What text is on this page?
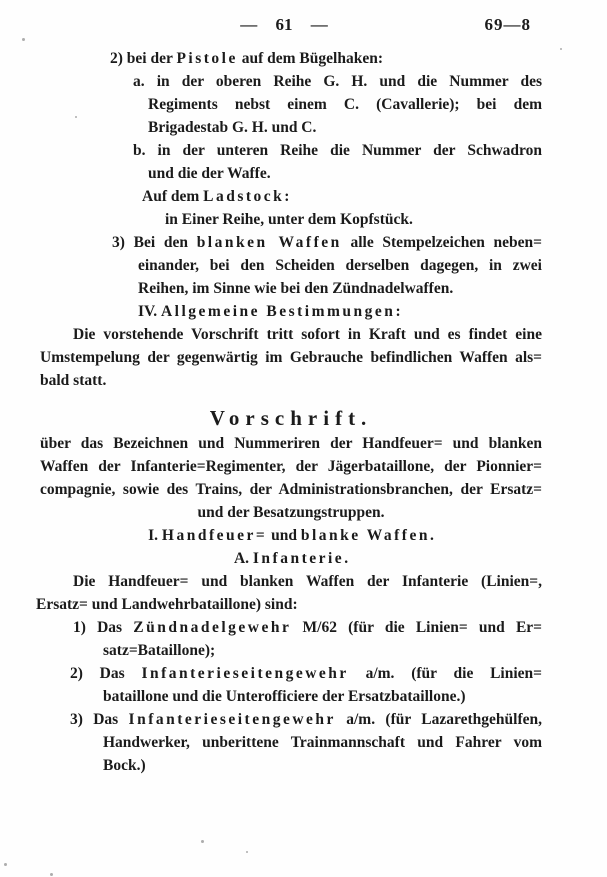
— 61 —	69—8
2) bei der Pistole auf dem Bügelhaken:
a. in der oberen Reihe G. H. und die Nummer des
Regiments nebst einem C. (Cavallerie); bei dem
Brigadestab G. H. und C.
b. in der unteren Reihe die Nummer der Schwadron
und die der Waffe.
Auf dem Ladstock:
in Einer Reihe, unter dem Kopfstück.
3) Bei den blanken Waffen alle Stempelzeichen neben=
einander, bei den Scheiden derselben dagegen, in zwei
Reihen, im Sinne wie bei den Zündnadelwaffen.
IV. Allgemeine Bestimmungen:
Die vorstehende Vorschrift tritt sofort in Kraft und es findet eine
Umstempelung der gegenwärtig im Gebrauche befindlichen Waffen als=
bald statt.
Vorschrift.
über das Bezeichnen und Nummeriren der Handfeuer= und blanken
Waffen der Infanterie=Regimenter, der Jägerbataillone, der Pionnier=
compagnie, sowie des Trains, der Administrationsbranchen, der Ersatz=
und der Besatzungstruppen.
I. Handfeuer= und blanke Waffen.
A. Infanterie.
Die Handfeuer= und blanken Waffen der Infanterie (Linien=,
Ersatz= und Landwehrbataillone) sind:
1) Das Zündnadelgewehr M/62 (für die Linien= und Er=
satz=Bataillone);
2) Das Infanterieseitengewehr a/m. (für die Linien=
bataillone und die Unterofficiere der Ersatzbataillone.)
3) Das Infanterieseitengewehr a/m. (für Lazarethgehülfen,
Handwerker, unberittene Trainmannschaft und Fahrer vom
Bock.)
